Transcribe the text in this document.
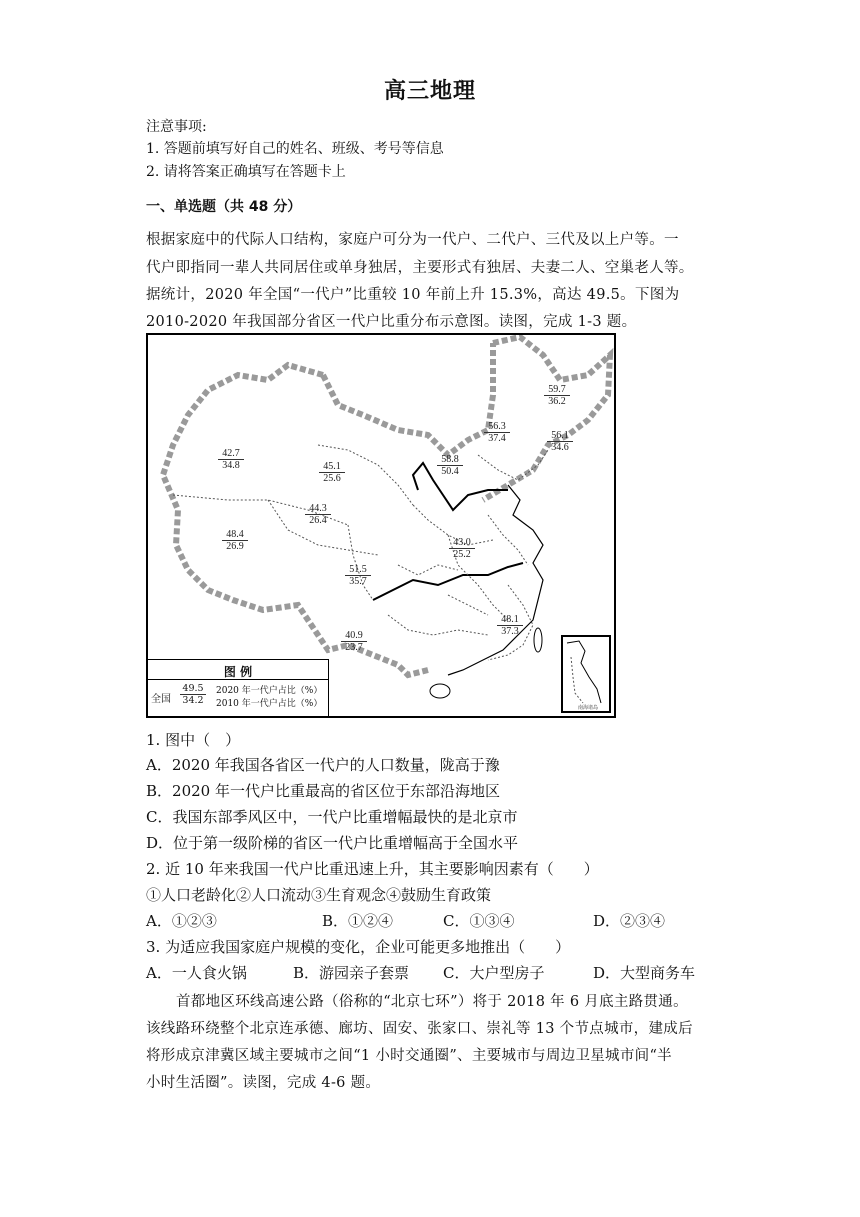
高三地理
注意事项:
1. 答题前填写好自己的姓名、班级、考号等信息
2. 请将答案正确填写在答题卡上
一、单选题（共 48 分）
根据家庭中的代际人口结构，家庭户可分为一代户、二代户、三代及以上户等。一
代户即指同一辈人共同居住或单身独居，主要形式有独居、夫妻二人、空巢老人等。
据统计，2020 年全国“一代户”比重较 10 年前上升 15.3%，高达 49.5。下图为
2010-2020 年我国部分省区一代户比重分布示意图。读图，完成 1-3 题。
$\frac{59.7}{36.2}$
$\frac{56.3}{37.4}$	$\frac{56.1}{34.6}$
$\frac{42.7}{34.8}$
$\frac{45.1}{25.6}$	$\frac{58.8}{50.4}$
$\frac{44.3}{26.4}$
$\frac{48.4}{26.9}$	$\frac{43.0}{25.2}$
$\frac{51.5}{35.7}$
$\frac{48.1}{37.3}$
$\frac{40.9}{23.7}$
图 例
全国 $\frac{49.5}{34.2} 2020$ 年一代户占比（%）
2010 年一代户占比（%）	南海诸岛
1. 图中（　）
A．2020 年我国各省区一代户的人口数量，陇高于豫
B．2020 年一代户比重最高的省区位于东部沿海地区
C．我国东部季风区中，一代户比重增幅最快的是北京市
D．位于第一级阶梯的省区一代户比重增幅高于全国水平
2. 近 10 年来我国一代户比重迅速上升，其主要影响因素有（　　）
①人口老龄化②人口流动③生育观念④鼓励生育政策
A．①②③	B．①②④	C．①③④	D．②③④
3. 为适应我国家庭户规模的变化，企业可能更多地推出（　　）
A．一人食火锅	B．游园亲子套票 C．大户型房子	D．大型商务车
首都地区环线高速公路（俗称的“北京七环”）将于 2018 年 6 月底主路贯通。
该线路环绕整个北京连承德、廊坊、固安、张家口、崇礼等 13 个节点城市，建成后
将形成京津冀区域主要城市之间“1 小时交通圈”、主要城市与周边卫星城市间“半
小时生活圈”。读图，完成 4-6 题。
